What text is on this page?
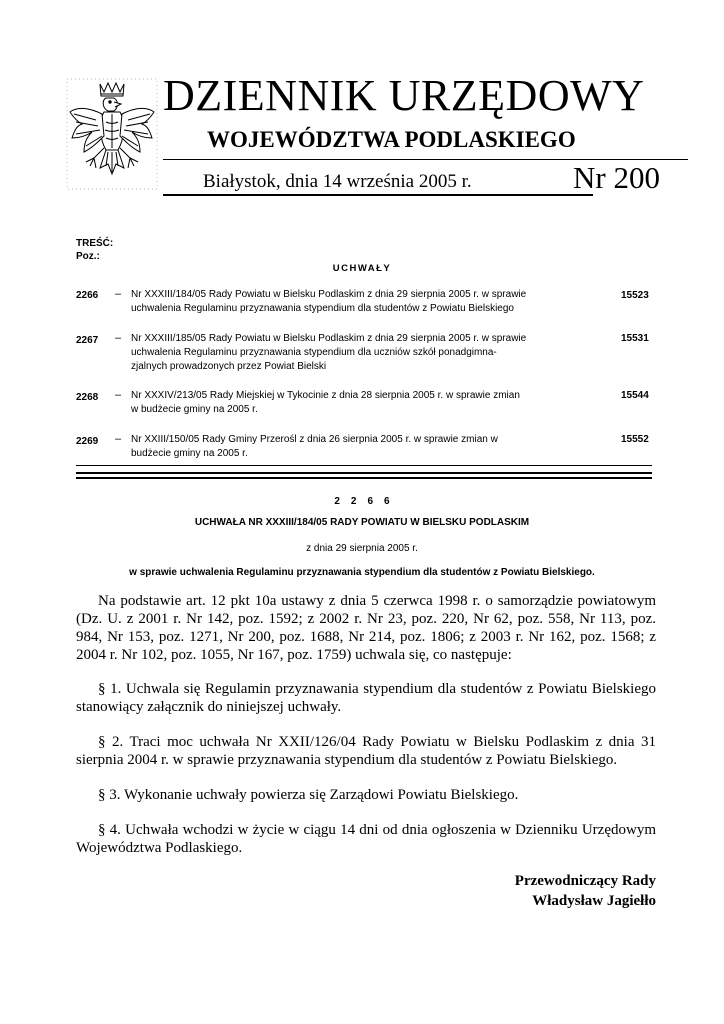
DZIENNIK URZĘDOWY
WOJEWÓDZTWA PODLASKIEGO
Białystok, dnia 14 września 2005 r.	Nr 200
TREŚĆ:
Poz.:
UCHWAŁY
2266 – Nr XXXIII/184/05 Rady Powiatu w Bielsku Podlaskim z dnia 29 sierpnia 2005 r. w sprawie
uchwalenia Regulaminu przyznawania stypendium dla studentów z Powiatu Bielskiego
15523
2267 – Nr XXXIII/185/05 Rady Powiatu w Bielsku Podlaskim z dnia 29 sierpnia 2005 r. w sprawie
uchwalenia Regulaminu przyznawania stypendium dla uczniów szkół ponadgimna-
zjalnych prowadzonych przez Powiat Bielski
15531
2268 – Nr XXXIV/213/05 Rady Miejskiej w Tykocinie z dnia 28 sierpnia 2005 r. w sprawie zmian
w budżecie gminy na 2005 r.
15544
2269 – Nr XXIII/150/05 Rady Gminy Przerośl z dnia 26 sierpnia 2005 r. w sprawie zmian w
budżecie gminy na 2005 r.
15552
2266
UCHWAŁA NR XXXIII/184/05 RADY POWIATU W BIELSKU PODLASKIM
z dnia 29 sierpnia 2005 r.
w sprawie uchwalenia Regulaminu przyznawania stypendium dla studentów z Powiatu Bielskiego.
Na podstawie art. 12 pkt 10a ustawy z dnia 5 czerwca 1998 r. o samorządzie powiatowym (Dz. U. z 2001 r. Nr 142, poz. 1592; z 2002 r. Nr 23, poz. 220, Nr 62, poz. 558, Nr 113, poz. 984, Nr 153, poz. 1271, Nr 200, poz. 1688, Nr 214, poz. 1806; z 2003 r. Nr 162, poz. 1568; z 2004 r. Nr 102, poz. 1055, Nr 167, poz. 1759) uchwala się, co następuje:
§ 1. Uchwala się Regulamin przyznawania stypendium dla studentów z Powiatu Bielskiego stanowiący załącznik do niniejszej uchwały.
§ 2. Traci moc uchwała Nr XXII/126/04 Rady Powiatu w Bielsku Podlaskim z dnia 31 sierpnia 2004 r. w sprawie przyznawania stypendium dla studentów z Powiatu Bielskiego.
§ 3. Wykonanie uchwały powierza się Zarządowi Powiatu Bielskiego.
§ 4. Uchwała wchodzi w życie w ciągu 14 dni od dnia ogłoszenia w Dzienniku Urzędowym Województwa Podlaskiego.
Przewodniczący Rady
Władysław Jagiełło
